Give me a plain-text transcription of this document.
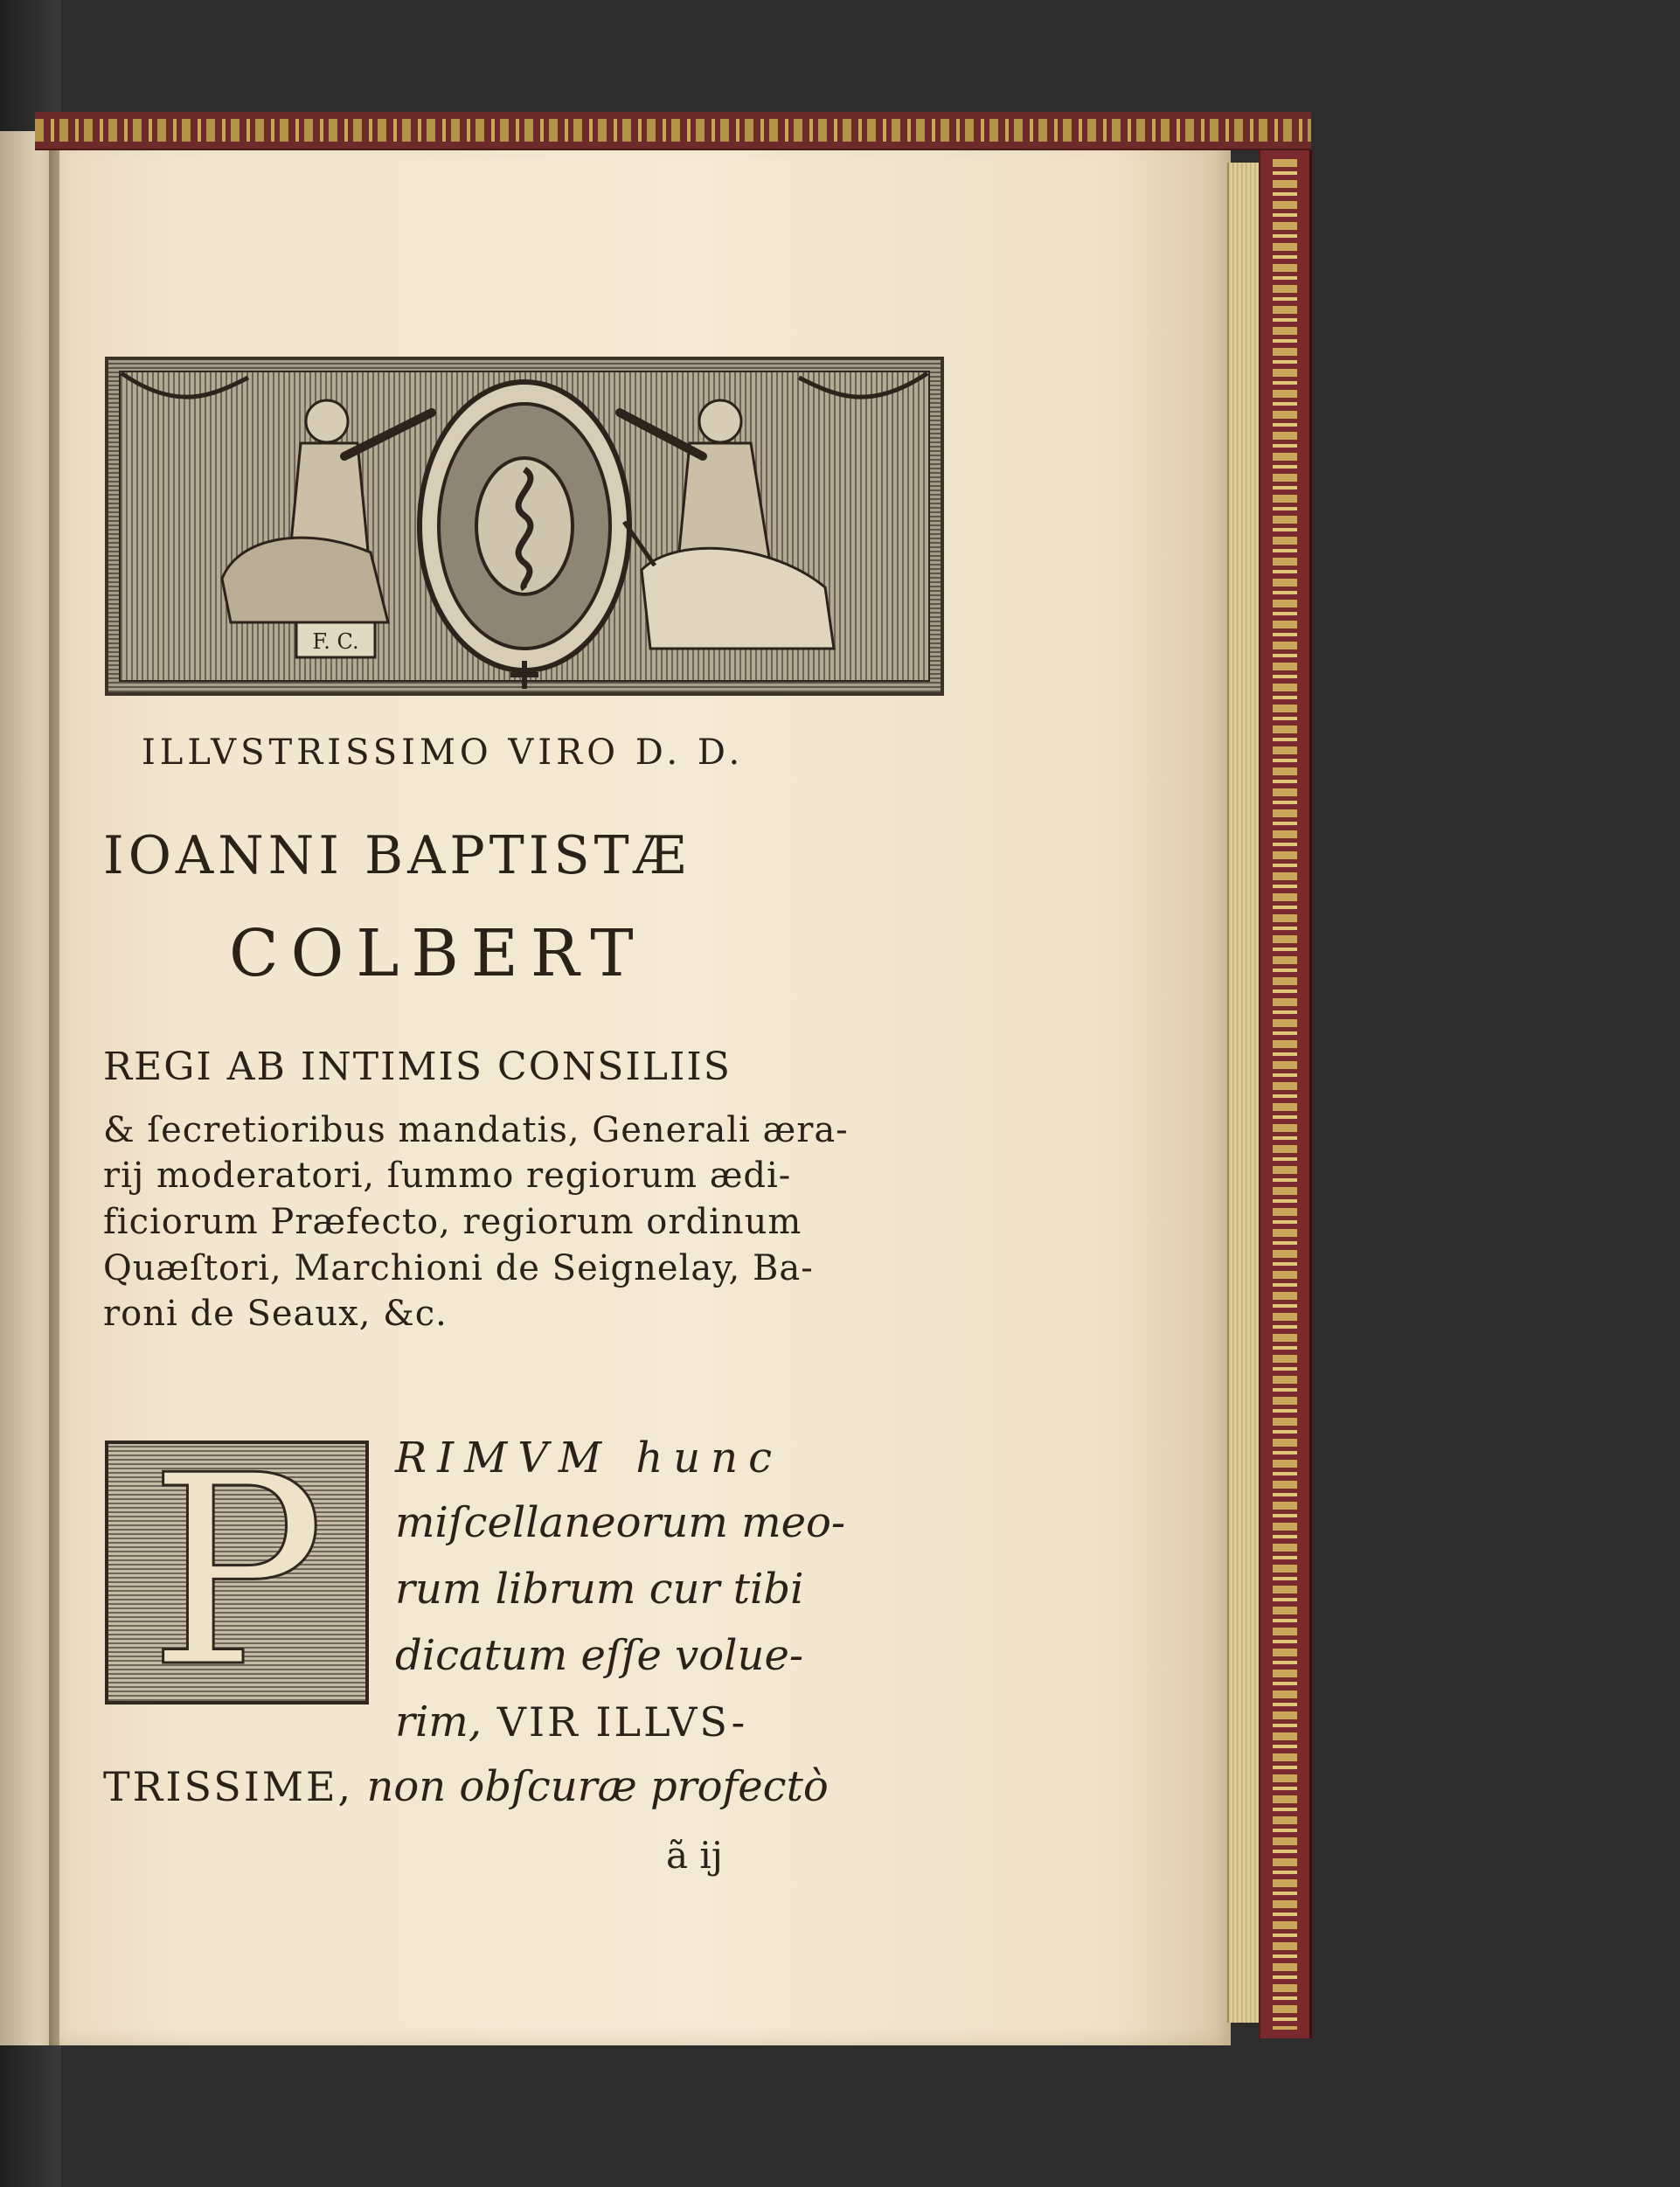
F. C.
ILLVSTRISSIMO VIRO D. D.
IOANNI BAPTISTÆ
COLBERT
REGI AB INTIMIS CONSILIIS
& ſecretioribus mandatis, Generali æra-
rij moderatori, ſummo regiorum ædi-
ficiorum Præfecto, regiorum ordinum
Quæſtori, Marchioni de Seignelay, Ba-
roni de Seaux, &c.
P	RIMVM hunc
miſcellaneorum meo-
rum librum cur tibi
dicatum eſſe volue-
rim, VIR ILLVS-
TRISSIME, non obſcuræ profectò
ã ij
